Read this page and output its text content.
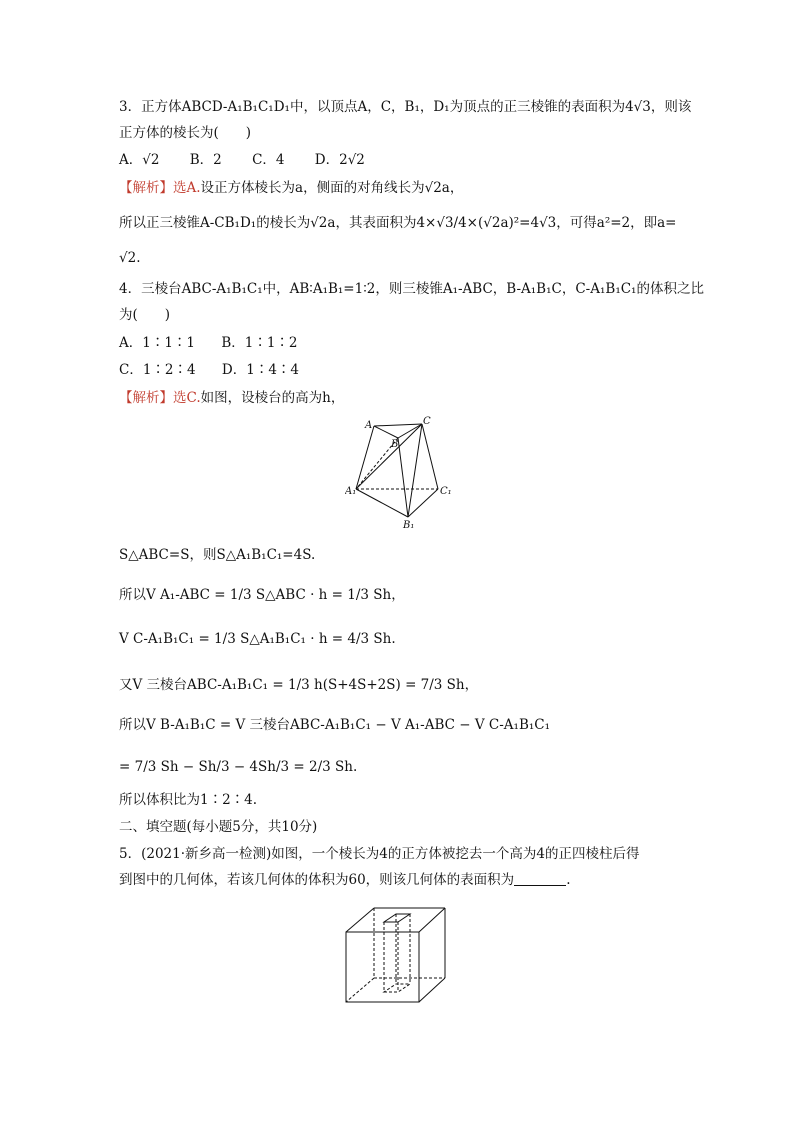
3．正方体ABCD-A₁B₁C₁D₁中，以顶点A，C，B₁，D₁为顶点的正三棱锥的表面积为4√3，则该
正方体的棱长为(　　)
A．√2 B．2 C．4 D．2√2
【解析】选A.设正方体棱长为a，侧面的对角线长为√2a，
所以正三棱锥A-CB₁D₁的棱长为√2a，其表面积为4×√3/4×(√2a)²=4√3，可得a²=2，即a=
√2.
4．三棱台ABC-A₁B₁C₁中，AB∶A₁B₁=1∶2，则三棱锥A₁-ABC，B-A₁B₁C，C-A₁B₁C₁的体积之比
为(　　)
A．1∶1∶1 B．1∶1∶2
C．1∶2∶4 D．1∶4∶4
【解析】选C.如图，设棱台的高为h，
A
B
C
A₁
B₁
C₁
S△ABC=S，则S△A₁B₁C₁=4S.
所以V A₁-ABC = 1/3 S△ABC · h = 1/3 Sh，
V C-A₁B₁C₁ = 1/3 S△A₁B₁C₁ · h = 4/3 Sh.
又V 三棱台ABC-A₁B₁C₁ = 1/3 h(S+4S+2S) = 7/3 Sh，
所以V B-A₁B₁C = V 三棱台ABC-A₁B₁C₁ − V A₁-ABC − V C-A₁B₁C₁
= 7/3 Sh − Sh/3 − 4Sh/3 = 2/3 Sh.
所以体积比为1∶2∶4.
二、填空题(每小题5分，共10分)
5．(2021·新乡高一检测)如图，一个棱长为4的正方体被挖去一个高为4的正四棱柱后得
到图中的几何体，若该几何体的体积为60，则该几何体的表面积为	.
